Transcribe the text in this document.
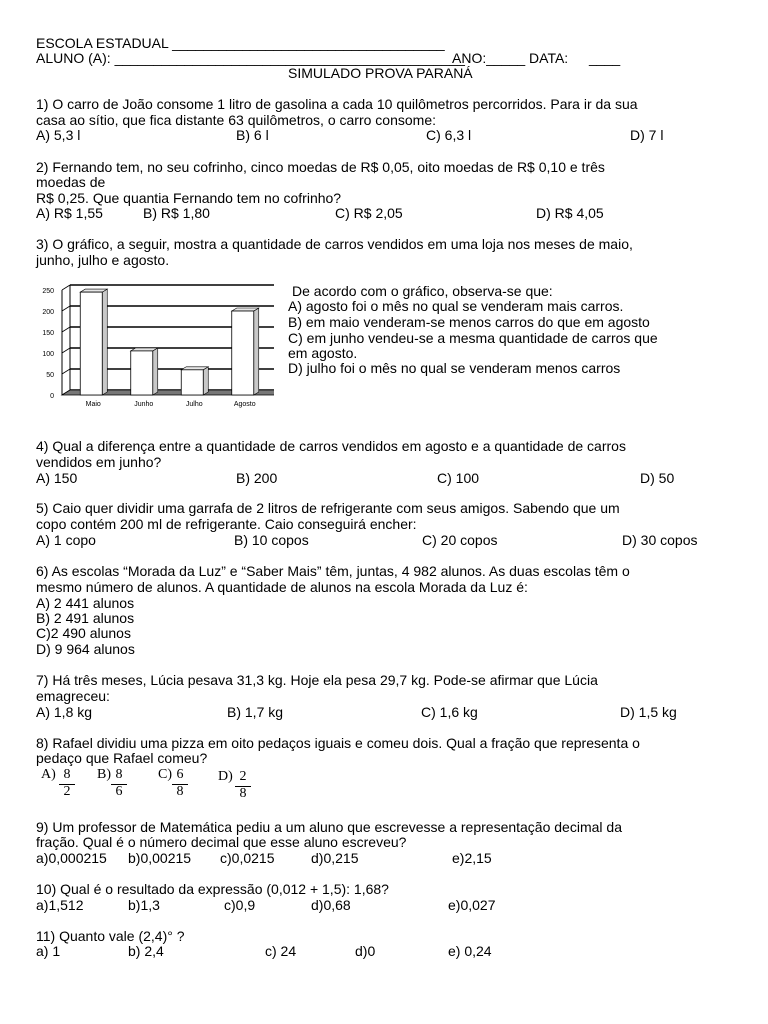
ESCOLA ESTADUAL ___________________________________
ALUNO (A): _____________________________________________
ANO:_____ DATA: ____
SIMULADO PROVA PARANÁ
1) O carro de João consome 1 litro de gasolina a cada 10 quilômetros percorridos. Para ir da sua
casa ao sítio, que fica distante 63 quilômetros, o carro consome:
A) 5,3 l	B) 6 l	C) 6,3 l	D) 7 l
2) Fernando tem, no seu cofrinho, cinco moedas de R$ 0,05, oito moedas de R$ 0,10 e três
moedas de
R$ 0,25. Que quantia Fernando tem no cofrinho?
A) R$ 1,55	B) R$ 1,80	C) R$ 2,05	D) R$ 4,05
3) O gráfico, a seguir, mostra a quantidade de carros vendidos em uma loja nos meses de maio,
junho, julho e agosto.
0
50
100
150
200
250
Maio	Junho	Julho	Agosto
De acordo com o gráfico, observa-se que:
A) agosto foi o mês no qual se venderam mais carros.
B) em maio venderam-se menos carros do que em agosto
C) em junho vendeu-se a mesma quantidade de carros que
em agosto.
D) julho foi o mês no qual se venderam menos carros
4) Qual a diferença entre a quantidade de carros vendidos em agosto e a quantidade de carros
vendidos em junho?
A) 150	B) 200	C) 100	D) 50
5) Caio quer dividir uma garrafa de 2 litros de refrigerante com seus amigos. Sabendo que um
copo contém 200 ml de refrigerante. Caio conseguirá encher:
A) 1 copo	B) 10 copos	C) 20 copos	D) 30 copos
6) As escolas “Morada da Luz” e “Saber Mais” têm, juntas, 4 982 alunos. As duas escolas têm o
mesmo número de alunos. A quantidade de alunos na escola Morada da Luz é:
A) 2 441 alunos
B) 2 491 alunos
C)2 490 alunos
D) 9 964 alunos
7) Há três meses, Lúcia pesava 31,3 kg. Hoje ela pesa 29,7 kg. Pode-se afirmar que Lúcia
emagreceu:
A) 1,8 kg	B) 1,7 kg	C) 1,6 kg	D) 1,5 kg
8) Rafael dividiu uma pizza em oito pedaços iguais e comeu dois. Qual a fração que representa o
pedaço que Rafael comeu?
A) 8
2
B) 8
6
C) 6
8
D) 2
8
9) Um professor de Matemática pediu a um aluno que escrevesse a representação decimal da
fração. Qual é o número decimal que esse aluno escreveu?
a)0,000215 b)0,00215 c)0,0215	d)0,215	e)2,15
10) Qual é o resultado da expressão (0,012 + 1,5): 1,68?
a)1,512	b)1,3	c)0,9	d)0,68	e)0,027
11) Quanto vale (2,4)° ?
a) 1	b) 2,4	c) 24	d)0	e) 0,24
